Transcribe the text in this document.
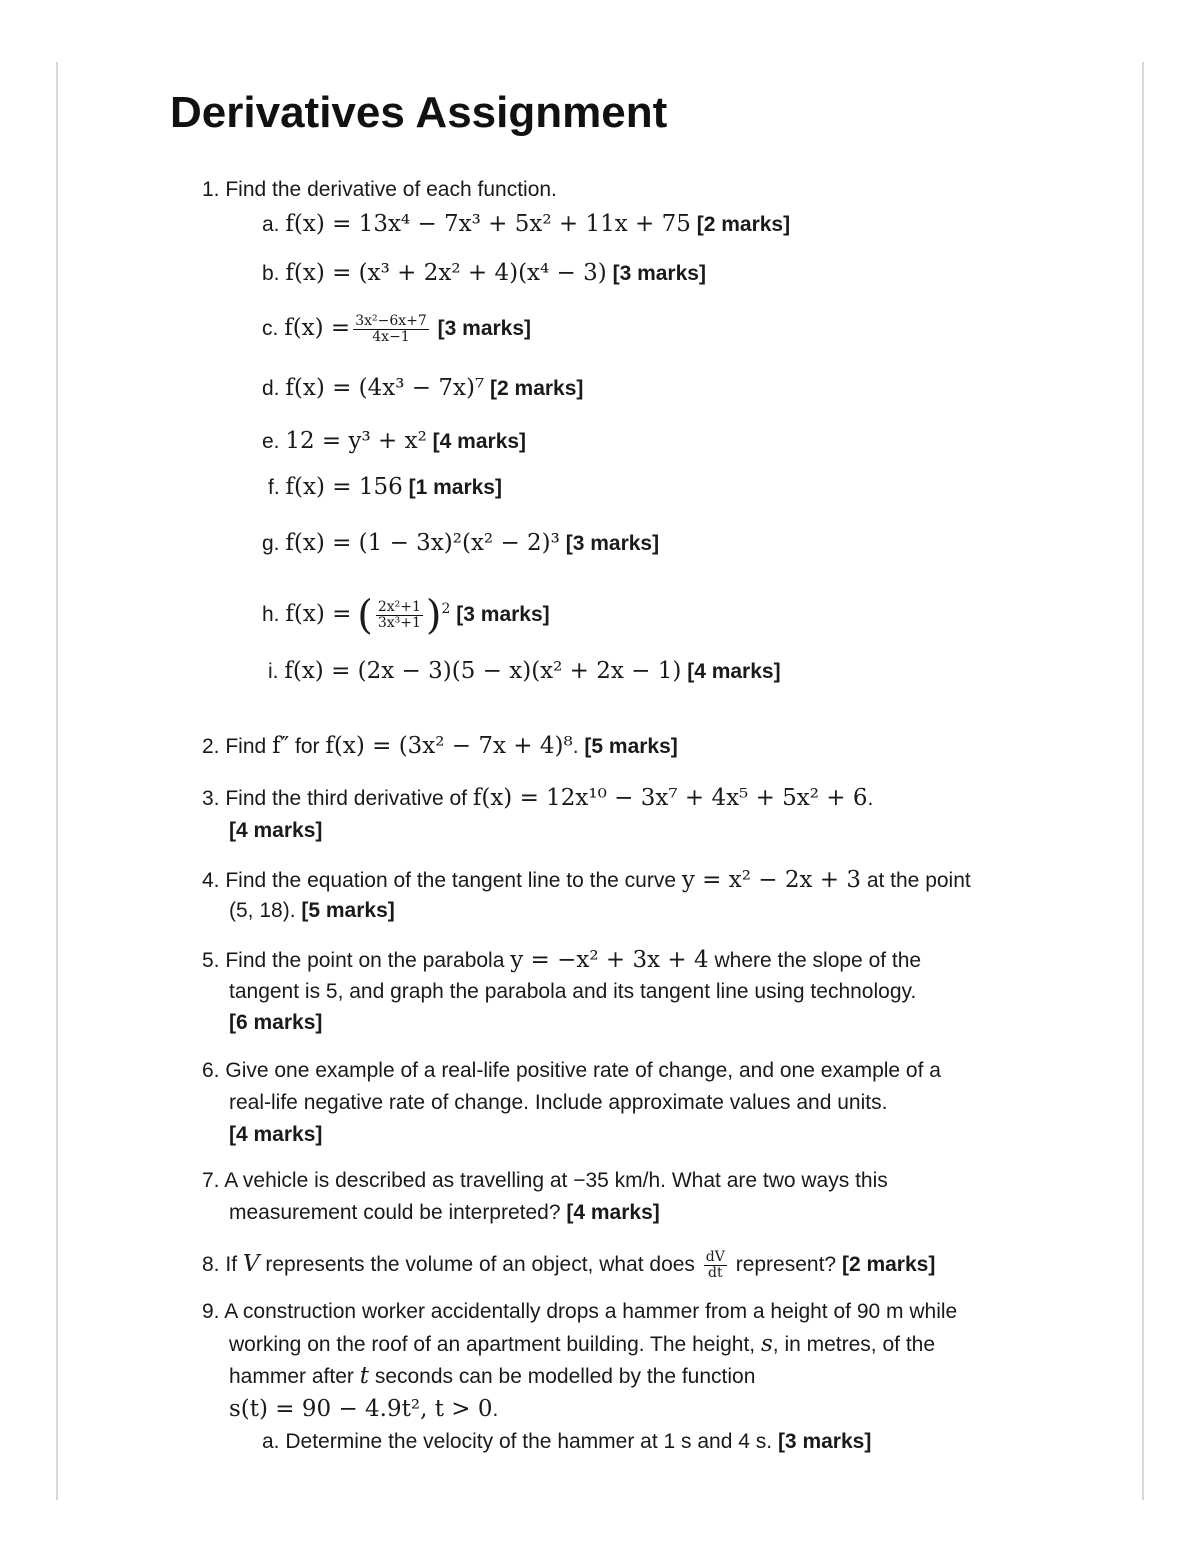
Derivatives Assignment
1. Find the derivative of each function.
a. f(x) = 13x⁴ − 7x³ + 5x² + 11x + 75 [2 marks]
b. f(x) = (x³ + 2x² + 4)(x⁴ − 3) [3 marks]
c. $f(x) = \frac{\text{3x²−6x+7}}{4x-1} [3$ marks]
d. f(x) = (4x³ − 7x)⁷ [2 marks]
e. 12 = y³ + x² [4 marks]
f. f(x) = 156 [1 marks]
g. f(x) = (1 − 3x)²(x² − 2)³ [3 marks]
h. f(x) = ( $\frac{\text{2x²+1}}{\text{3x³+1}} )^2$ [3 marks]
i. f(x) = (2x − 3)(5 − x)(x² + 2x − 1) [4 marks]
2. Find f″ for f(x) = (3x² − 7x + 4)⁸. [5 marks]
3. Find the third derivative of f(x) = 12x¹⁰ − 3x⁷ + 4x⁵ + 5x² + 6.
[4 marks]
4. Find the equation of the tangent line to the curve y = x² − 2x + 3 at the point
(5, 18). [5 marks]
5. Find the point on the parabola y = −x² + 3x + 4 where the slope of the
tangent is 5, and graph the parabola and its tangent line using technology.
[6 marks]
6. Give one example of a real-life positive rate of change, and one example of a
real-life negative rate of change. Include approximate values and units.
[4 marks]
7. A vehicle is described as travelling at −35 km/h. What are two ways this
measurement could be interpreted? [4 marks]
8. If V represents the volume of an object, what does $\frac{dV}{dt}$ represent? [2 marks]
9. A construction worker accidentally drops a hammer from a height of 90 m while
working on the roof of an apartment building. The height, s, in metres, of the
hammer after t seconds can be modelled by the function
s(t) = 90 − 4.9t², t > 0.
a. Determine the velocity of the hammer at 1 s and 4 s. [3 marks]
